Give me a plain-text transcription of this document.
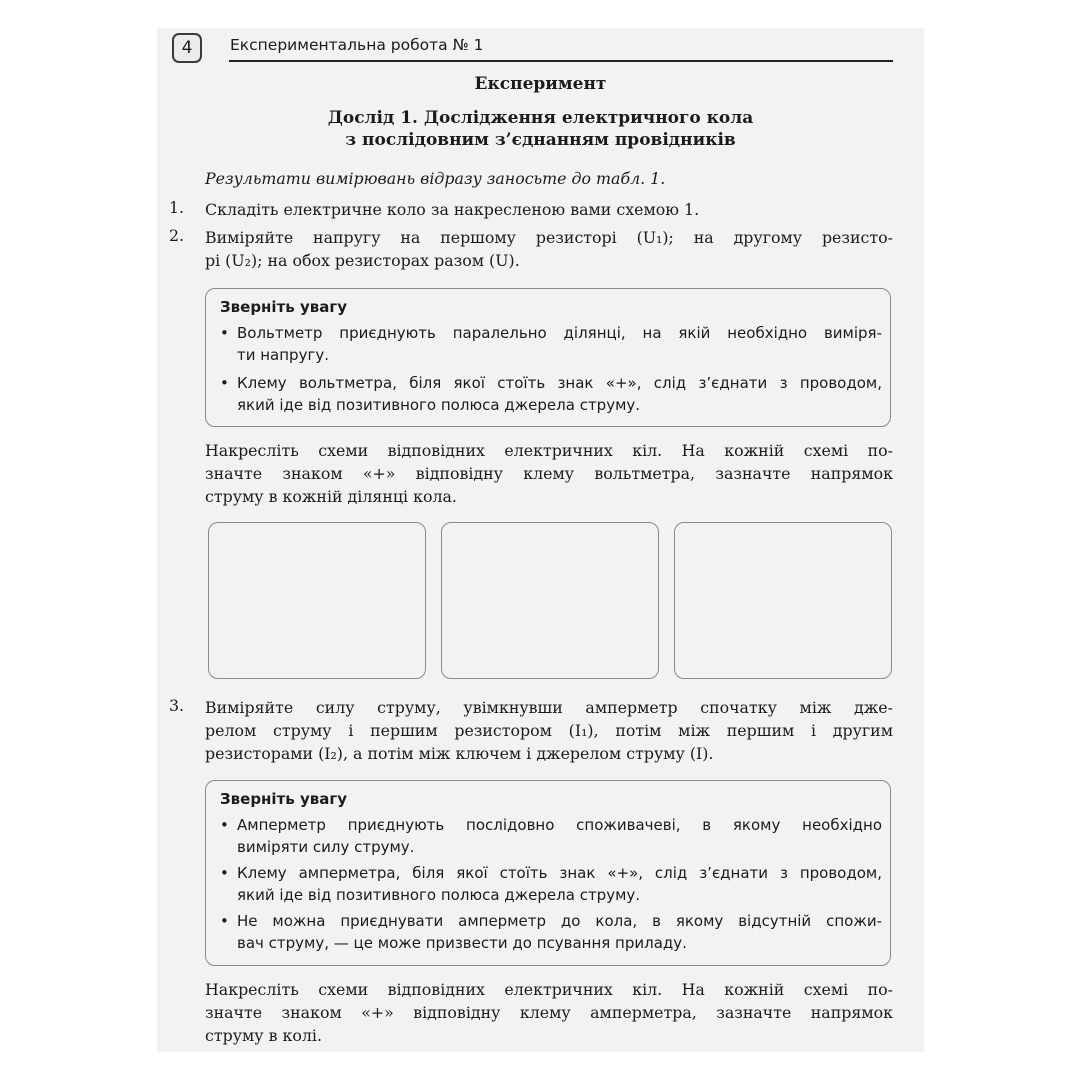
4	Експериментальна робота № 1
Експеримент
Дослід 1. Дослідження електричного кола
з послідовним з’єднанням провідників
Результати вимірювань відразу заносьте до табл. 1.
1. Складіть електричне коло за накресленою вами схемою 1.
2. Виміряйте напругу на першому резисторі (U₁); на другому резисто-
рі (U₂); на обох резисторах разом (U).
Зверніть увагу
• Вольтметр приєднують паралельно ділянці, на якій необхідно виміря-
ти напругу.
• Клему вольтметра, біля якої стоїть знак «+», слід з’єднати з проводом,
який іде від позитивного полюса джерела струму.
Накресліть схеми відповідних електричних кіл. На кожній схемі по-
значте знаком «+» відповідну клему вольтметра, зазначте напрямок
струму в кожній ділянці кола.
3. Виміряйте силу струму, увімкнувши амперметр спочатку між дже-
релом струму і першим резистором (I₁), потім між першим і другим
резисторами (I₂), а потім між ключем і джерелом струму (I).
Зверніть увагу
• Амперметр приєднують послідовно споживачеві, в якому необхідно
виміряти силу струму.
• Клему амперметра, біля якої стоїть знак «+», слід з’єднати з проводом,
який іде від позитивного полюса джерела струму.
• Не можна приєднувати амперметр до кола, в якому відсутній спожи-
вач струму, — це може призвести до псування приладу.
Накресліть схеми відповідних електричних кіл. На кожній схемі по-
значте знаком «+» відповідну клему амперметра, зазначте напрямок
струму в колі.
